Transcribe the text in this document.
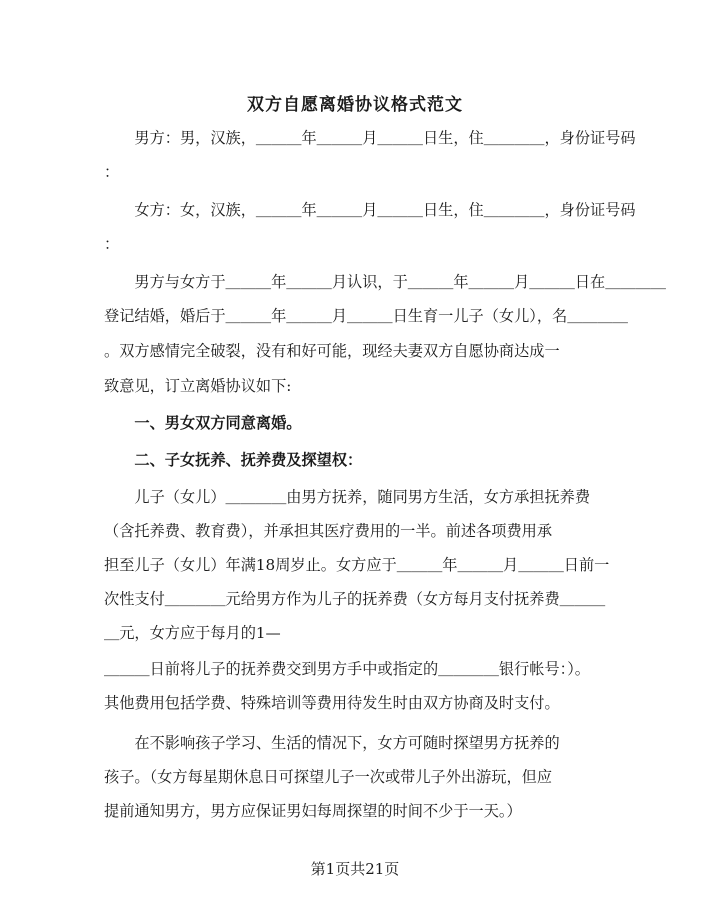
双方自愿离婚协议格式范文
　　男方：男，汉族，＿＿＿年＿＿＿月＿＿＿日生，住＿＿＿＿，身份证号码
：
　　女方：女，汉族，＿＿＿年＿＿＿月＿＿＿日生，住＿＿＿＿，身份证号码
：
　　男方与女方于＿＿＿年＿＿＿月认识，于＿＿＿年＿＿＿月＿＿＿日在＿＿＿＿
登记结婚，婚后于＿＿＿年＿＿＿月＿＿＿日生育一儿子（女儿），名＿＿＿＿
。双方感情完全破裂，没有和好可能，现经夫妻双方自愿协商达成一
致意见，订立离婚协议如下:
　　一、男女双方同意离婚。
　　二、子女抚养、抚养费及探望权：
　　儿子（女儿）＿＿＿＿由男方抚养，随同男方生活，女方承担抚养费
（含托养费、教育费），并承担其医疗费用的一半。前述各项费用承
担至儿子（女儿）年满18周岁止。女方应于＿＿＿年＿＿＿月＿＿＿日前一
次性支付＿＿＿＿元给男方作为儿子的抚养费（女方每月支付抚养费＿＿＿
＿元，女方应于每月的1—
＿＿＿日前将儿子的抚养费交到男方手中或指定的＿＿＿＿银行帐号：）。
其他费用包括学费、特殊培训等费用待发生时由双方协商及时支付。
　　在不影响孩子学习、生活的情况下，女方可随时探望男方抚养的
孩子。（女方每星期休息日可探望儿子一次或带儿子外出游玩，但应
提前通知男方，男方应保证男妇每周探望的时间不少于一天。）
第1页共21页
